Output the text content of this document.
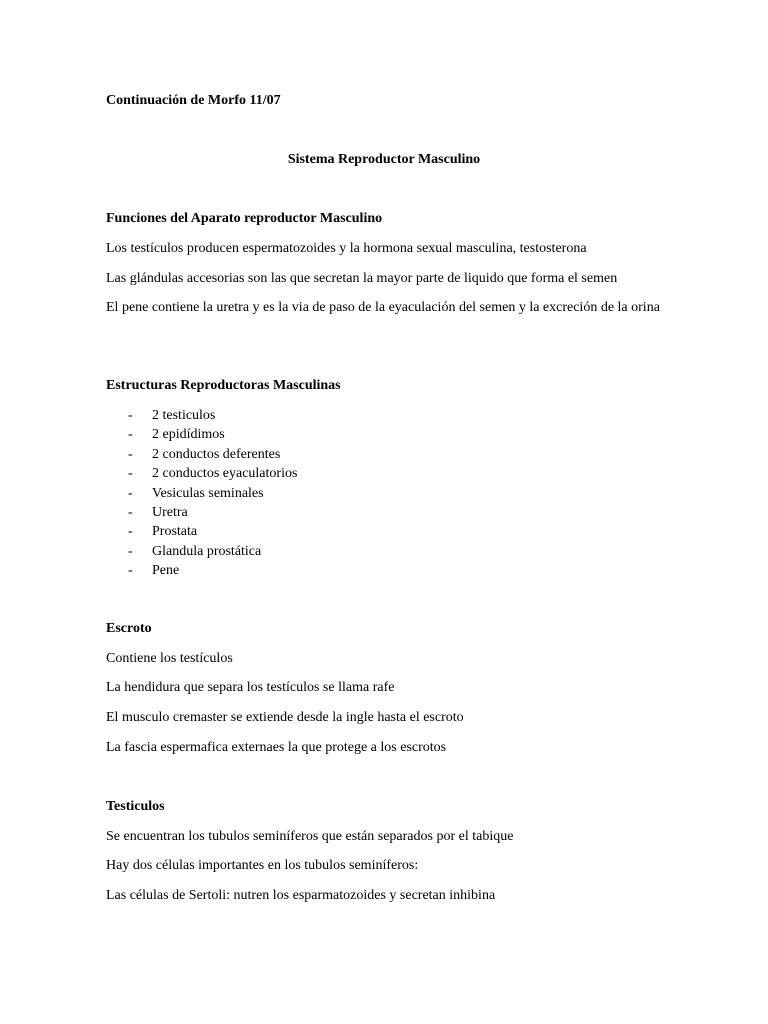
Continuación de Morfo 11/07

Sistema Reproductor Masculino

Funciones del Aparato reproductor Masculino

Los testículos producen espermatozoides y la hormona sexual masculina, testosterona

Las glándulas accesorias son las que secretan la mayor parte de liquido que forma el semen

El pene contiene la uretra y es la via de paso de la eyaculación del semen y la excreción de la orina

Estructuras Reproductoras Masculinas

-	2 testiculos
-	2 epidídimos
-	2 conductos deferentes
-	2 conductos eyaculatorios
-	Vesiculas seminales
-	Uretra
-	Prostata
-	Glandula prostática
-	Pene

Escroto

Contiene los testículos

La hendidura que separa los testículos se llama rafe

El musculo cremaster se extiende desde la ingle hasta el escroto

La fascia espermafica externaes la que protege a los escrotos

Testiculos

Se encuentran los tubulos seminíferos que están separados por el tabique

Hay dos células importantes en los tubulos seminíferos:

Las células de Sertoli: nutren los esparmatozoides y secretan inhibina
